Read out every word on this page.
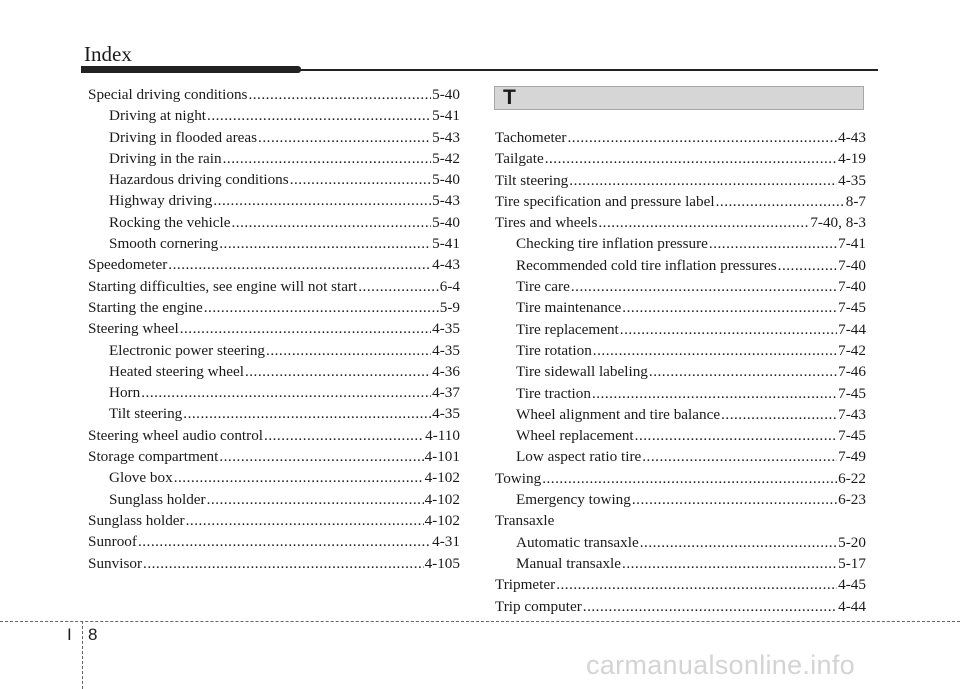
Index
Special driving conditions .....	5-40
Driving at night .....	5-41
Driving in flooded areas .....	5-43
Driving in the rain .....	5-42
Hazardous driving conditions .....	5-40
Highway driving .....	5-43
Rocking the vehicle .....	5-40
Smooth cornering .....	5-41
Speedometer .....	4-43
Starting difficulties, see engine will not start .....	6-4
Starting the engine .....	5-9
Steering wheel .....	4-35
Electronic power steering .....	4-35
Heated steering wheel .....	4-36
Horn .....	4-37
Tilt steering .....	4-35
Steering wheel audio control .....	4-110
Storage compartment .....	4-101
Glove box .....	4-102
Sunglass holder .....	4-102
Sunglass holder .....	4-102
Sunroof .....	4-31
Sunvisor .....	4-105
T
Tachometer .....	4-43
Tailgate .....	4-19
Tilt steering .....	4-35
Tire specification and pressure label .....	8-7
Tires and wheels .....	7-40, 8-3
Checking tire inflation pressure .....	7-41
Recommended cold tire inflation pressures .....	7-40
Tire care .....	7-40
Tire maintenance .....	7-45
Tire replacement .....	7-44
Tire rotation .....	7-42
Tire sidewall labeling .....	7-46
Tire traction .....	7-45
Wheel alignment and tire balance .....	7-43
Wheel replacement .....	7-45
Low aspect ratio tire .....	7-49
Towing .....	6-22
Emergency towing .....	6-23
Transaxle
Automatic transaxle .....	5-20
Manual transaxle .....	5-17
Tripmeter .....	4-45
Trip computer .....	4-44
I 8
carmanualsonline.info
